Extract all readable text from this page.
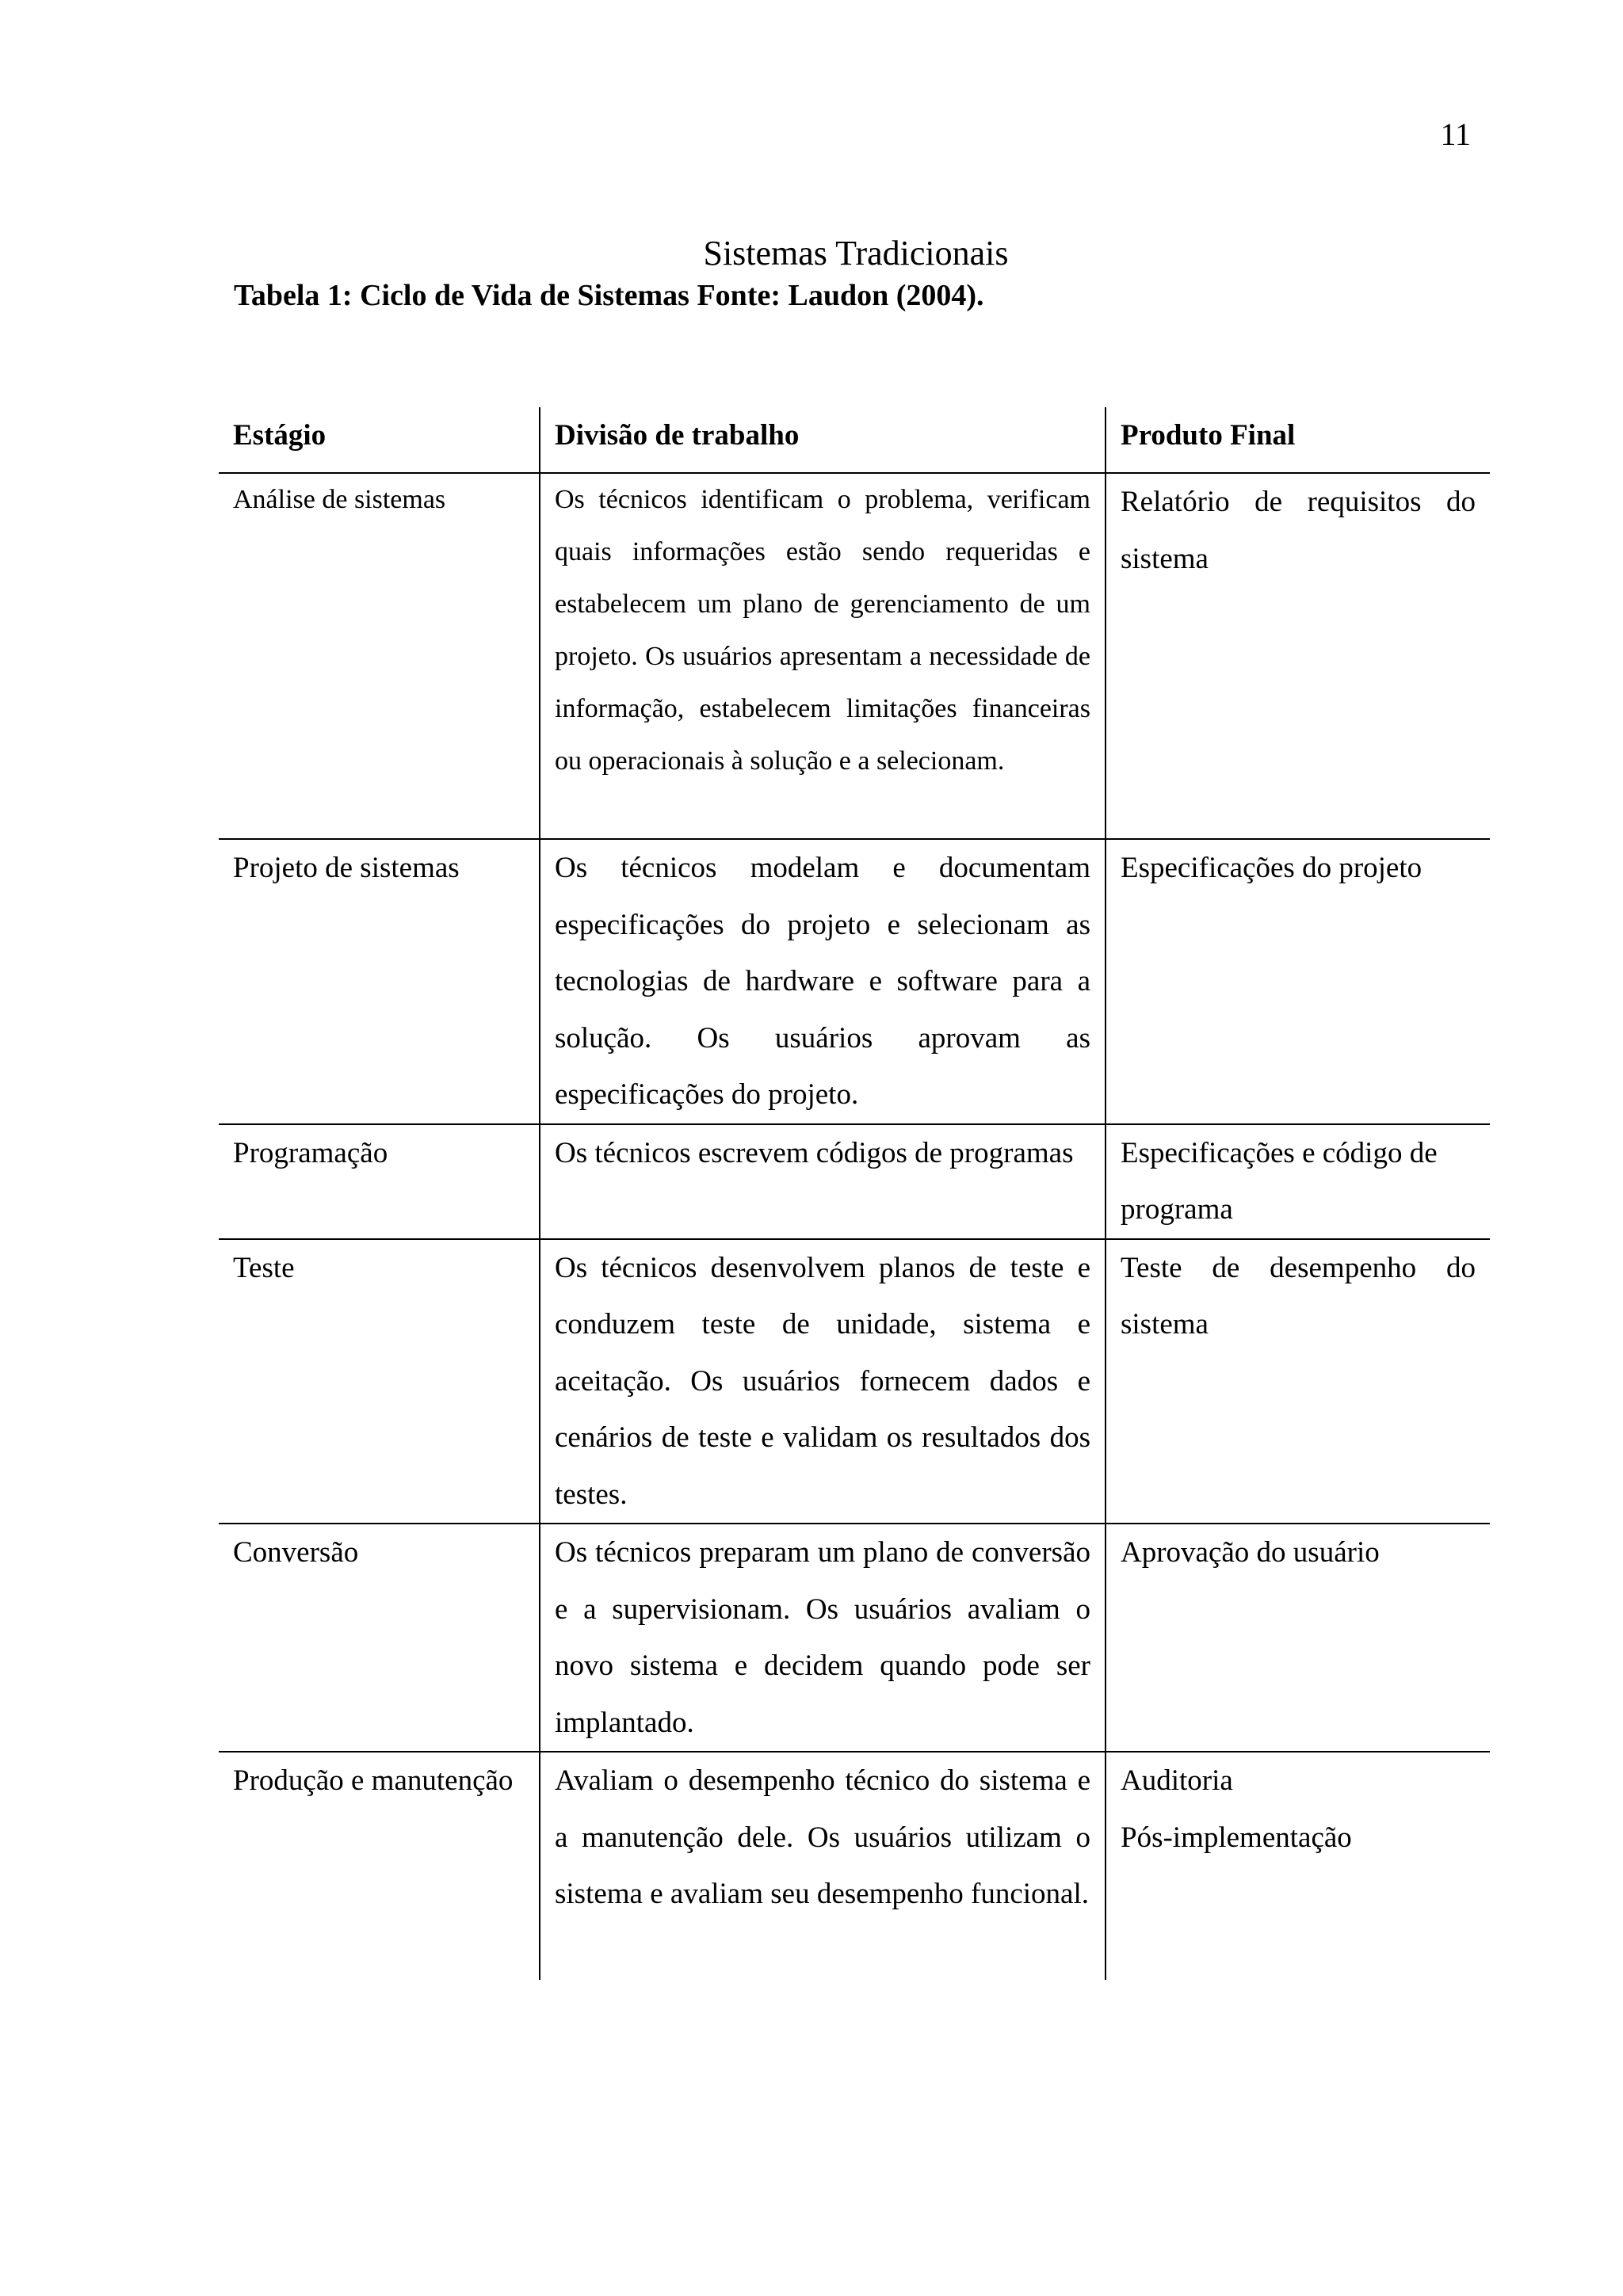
11
Sistemas Tradicionais
Tabela 1: Ciclo de Vida de Sistemas Fonte: Laudon (2004).
Estágio	Divisão de trabalho	Produto Final
Análise de sistemas	Os técnicos identificam o problema, verificam quais informações estão sendo requeridas e estabelecem um plano de gerenciamento de um projeto. Os usuários apresentam a necessidade de informação, estabelecem limitações financeiras ou operacionais à solução e a selecionam.	Relatório de requisitos do sistema
Projeto de sistemas	Os técnicos modelam e documentam especificações do projeto e selecionam as tecnologias de hardware e software para a solução. Os usuários aprovam as especificações do projeto.	Especificações do projeto
Programação	Os técnicos escrevem códigos de programas	Especificações e código de programa
Teste	Os técnicos desenvolvem planos de teste e conduzem teste de unidade, sistema e aceitação. Os usuários fornecem dados e cenários de teste e validam os resultados dos testes.	Teste de desempenho do sistema
Conversão	Os técnicos preparam um plano de conversão e a supervisionam. Os usuários avaliam o novo sistema e decidem quando pode ser implantado.	Aprovação do usuário
Produção e manutenção	Avaliam o desempenho técnico do sistema e a manutenção dele. Os usuários utilizam o sistema e avaliam seu desempenho funcional.	Auditoria
Pós-implementação
